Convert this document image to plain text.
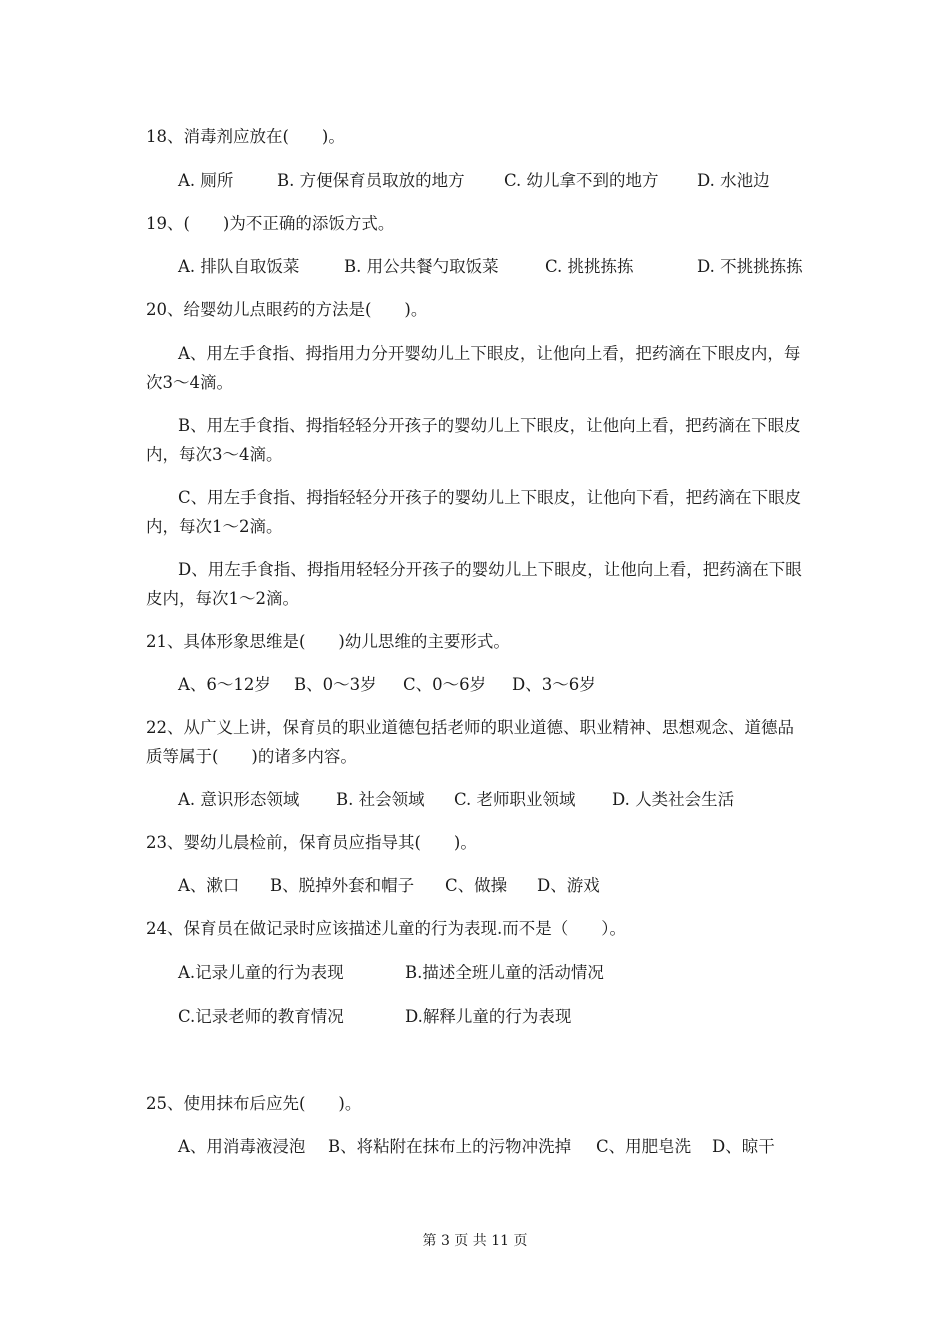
18、消毒剂应放在(　　)。
A. 厕所	B. 方便保育员取放的地方 C. 幼儿拿不到的地方 D. 水池边
19、(　　)为不正确的添饭方式。
A. 排队自取饭菜	B. 用公共餐勺取饭菜	C. 挑挑拣拣	D. 不挑挑拣拣
20、给婴幼儿点眼药的方法是(　　)。
A、用左手食指、拇指用力分开婴幼儿上下眼皮，让他向上看，把药滴在下眼皮内，每
次3～4滴。
B、用左手食指、拇指轻轻分开孩子的婴幼儿上下眼皮，让他向上看，把药滴在下眼皮
内，每次3～4滴。
C、用左手食指、拇指轻轻分开孩子的婴幼儿上下眼皮，让他向下看，把药滴在下眼皮
内，每次1～2滴。
D、用左手食指、拇指用轻轻分开孩子的婴幼儿上下眼皮，让他向上看，把药滴在下眼
皮内，每次1～2滴。
21、具体形象思维是(　　)幼儿思维的主要形式。
A、6～12岁 B、0～3岁 C、0～6岁 D、3～6岁
22、从广义上讲，保育员的职业道德包括老师的职业道德、职业精神、思想观念、道德品
质等属于(　　)的诸多内容。
A. 意识形态领域 B. 社会领域 C. 老师职业领域 D. 人类社会生活
23、婴幼儿晨检前，保育员应指导其(　　)。
A、漱口 B、脱掉外套和帽子 C、做操 D、游戏
24、保育员在做记录时应该描述儿童的行为表现.而不是（　　）。
A.记录儿童的行为表现	B.描述全班儿童的活动情况
C.记录老师的教育情况	D.解释儿童的行为表现
25、使用抹布后应先(　　)。
A、用消毒液浸泡 B、将粘附在抹布上的污物冲洗掉 C、用肥皂洗 D、晾干
第 3 页 共 11 页
